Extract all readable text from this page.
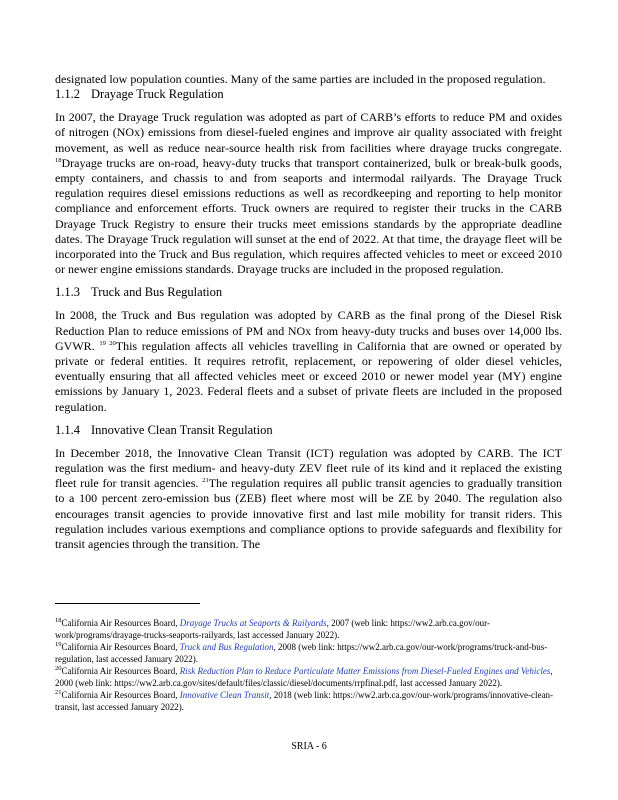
designated low population counties. Many of the same parties are included in the proposed regulation.

1.1.2 Drayage Truck Regulation

In 2007, the Drayage Truck regulation was adopted as part of CARB’s efforts to reduce PM and oxides of nitrogen (NOx) emissions from diesel-fueled engines and improve air quality associated with freight movement, as well as reduce near-source health risk from facilities where drayage trucks congregate. $^{18}$Drayage trucks are on-road, heavy-duty trucks that transport containerized, bulk or break-bulk goods, empty containers, and chassis to and from seaports and intermodal railyards. The Drayage Truck regulation requires diesel emissions reductions as well as recordkeeping and reporting to help monitor compliance and enforcement efforts. Truck owners are required to register their trucks in the CARB Drayage Truck Registry to ensure their trucks meet emissions standards by the appropriate deadline dates. The Drayage Truck regulation will sunset at the end of 2022. At that time, the drayage fleet will be incorporated into the Truck and Bus regulation, which requires affected vehicles to meet or exceed 2010 or newer engine emissions standards. Drayage trucks are included in the proposed regulation.

1.1.3 Truck and Bus Regulation

In 2008, the Truck and Bus regulation was adopted by CARB as the final prong of the Diesel Risk Reduction Plan to reduce emissions of PM and NOx from heavy-duty trucks and buses over 14,000 lbs. GVWR. $^{19 20}$This regulation affects all vehicles travelling in California that are owned or operated by private or federal entities. It requires retrofit, replacement, or repowering of older diesel vehicles, eventually ensuring that all affected vehicles meet or exceed 2010 or newer model year (MY) engine emissions by January 1, 2023. Federal fleets and a subset of private fleets are included in the proposed regulation.

1.1.4 Innovative Clean Transit Regulation

In December 2018, the Innovative Clean Transit (ICT) regulation was adopted by CARB. The ICT regulation was the first medium- and heavy-duty ZEV fleet rule of its kind and it replaced the existing fleet rule for transit agencies. $^{21}$The regulation requires all public transit agencies to gradually transition to a 100 percent zero-emission bus (ZEB) fleet where most will be ZE by 2040. The regulation also encourages transit agencies to provide innovative first and last mile mobility for transit riders. This regulation includes various exemptions and compliance options to provide safeguards and flexibility for transit agencies through the transition. The

$^{18}$California Air Resources Board, Drayage Trucks at Seaports & Railyards, 2007 (web link: https://ww2.arb.ca.gov/our-work/programs/drayage-trucks-seaports-railyards, last accessed January 2022).
$^{19}$California Air Resources Board, Truck and Bus Regulation, 2008 (web link: https://ww2.arb.ca.gov/our-work/programs/truck-and-bus-regulation, last accessed January 2022).
$^{20}$California Air Resources Board, Risk Reduction Plan to Reduce Particulate Matter Emissions from Diesel-Fueled Engines and Vehicles, 2000 (web link: https://ww2.arb.ca.gov/sites/default/files/classic/diesel/documents/rrpfinal.pdf, last accessed January 2022).
$^{21}$California Air Resources Board, Innovative Clean Transit, 2018 (web link: https://ww2.arb.ca.gov/our-work/programs/innovative-clean-transit, last accessed January 2022).
SRIA - 6
